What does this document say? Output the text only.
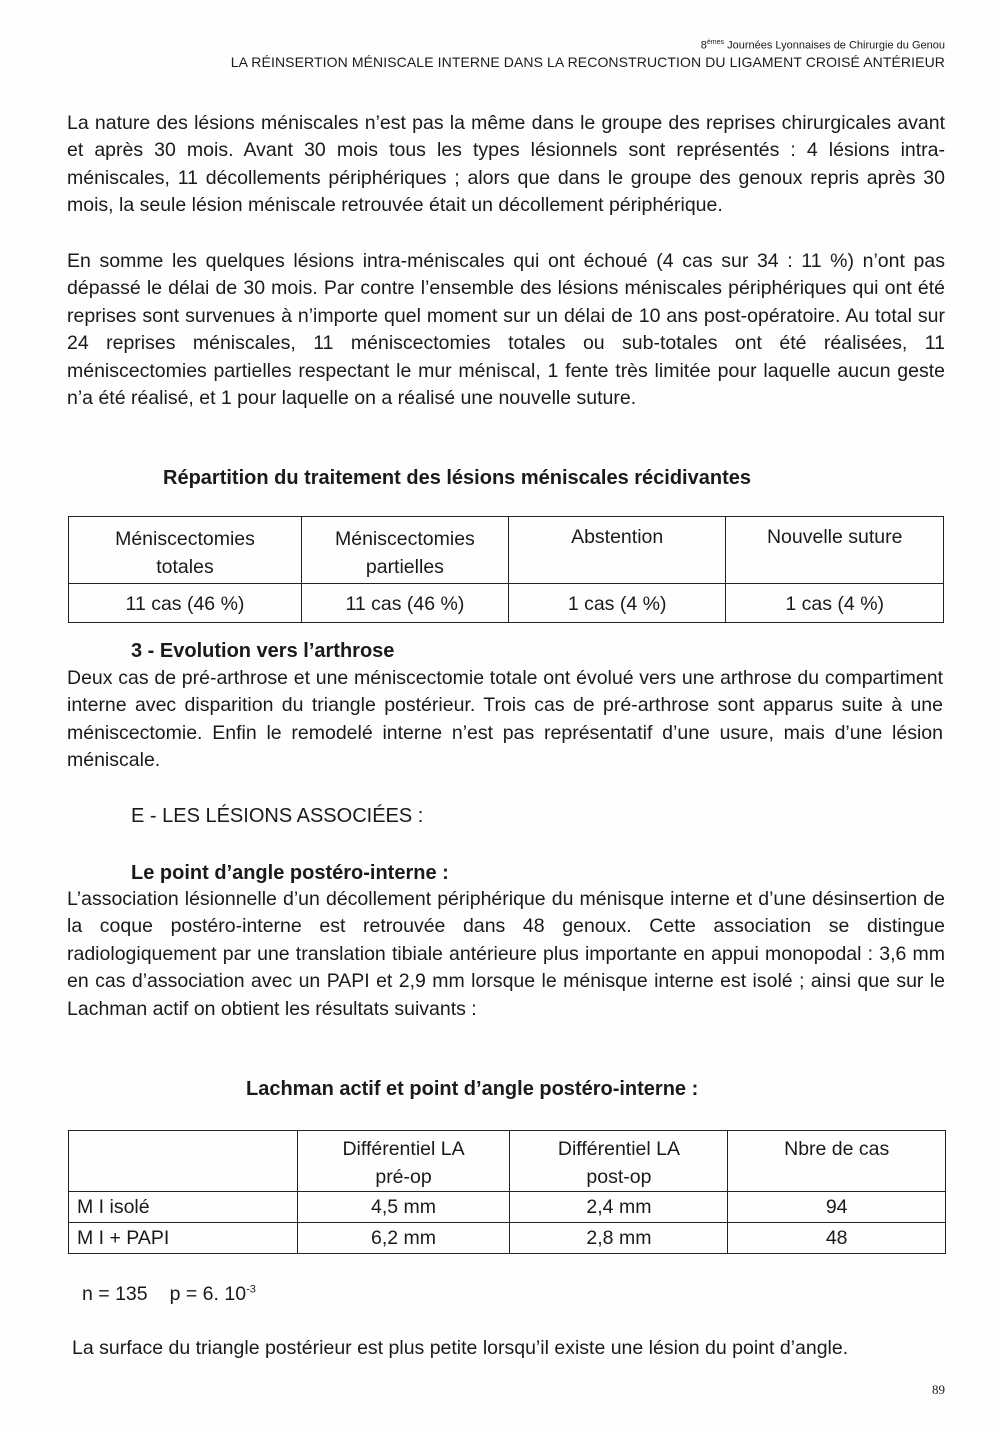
8èmes Journées Lyonnaises de Chirurgie du Genou
LA RÉINSERTION MÉNISCALE INTERNE DANS LA RECONSTRUCTION DU LIGAMENT CROISÉ ANTÉRIEUR

La nature des lésions méniscales n’est pas la même dans le groupe des reprises chirurgicales avant et après 30 mois. Avant 30 mois tous les types lésionnels sont représentés : 4 lésions intra-méniscales, 11 décollements périphériques ; alors que dans le groupe des genoux repris après 30 mois, la seule lésion méniscale retrouvée était un décollement périphérique.

En somme les quelques lésions intra-méniscales qui ont échoué (4 cas sur 34 : 11 %) n’ont pas dépassé le délai de 30 mois. Par contre l’ensemble des lésions méniscales périphériques qui ont été reprises sont survenues à n’importe quel moment sur un délai de 10 ans post-opératoire. Au total sur 24 reprises méniscales, 11 méniscectomies totales ou sub-totales ont été réalisées, 11 méniscectomies partielles respectant le mur méniscal, 1 fente très limitée pour laquelle aucun geste n’a été réalisé, et 1 pour laquelle on a réalisé une nouvelle suture.

Répartition du traitement des lésions méniscales récidivantes
Méniscectomies totales	Méniscectomies partielles	Abstention	Nouvelle suture
11 cas (46 %)	11 cas (46 %)	1 cas (4 %)	1 cas (4 %)
3 - Evolution vers l’arthrose

Deux cas de pré-arthrose et une méniscectomie totale ont évolué vers une arthrose du compartiment interne avec disparition du triangle postérieur. Trois cas de pré-arthrose sont apparus suite à une méniscectomie. Enfin le remodelé interne n’est pas représentatif d’une usure, mais d’une lésion méniscale.

E - LES LÉSIONS ASSOCIÉES :
Le point d’angle postéro-interne :

L’association lésionnelle d’un décollement périphérique du ménisque interne et d’une désinsertion de la coque postéro-interne est retrouvée dans 48 genoux. Cette association se distingue radiologiquement par une translation tibiale antérieure plus importante en appui monopodal : 3,6 mm en cas d’association avec un PAPI et 2,9 mm lorsque le ménisque interne est isolé ; ainsi que sur le Lachman actif on obtient les résultats suivants :

Lachman actif et point d’angle postéro-interne :
	Différentiel LA pré-op	Différentiel LA post-op	Nbre de cas
M I isolé	4,5 mm	2,4 mm	94
M I + PAPI	6,2 mm	2,8 mm	48
n = 135 p = 6. $10^{-3}$

La surface du triangle postérieur est plus petite lorsqu’il existe une lésion du point d’angle.

89
